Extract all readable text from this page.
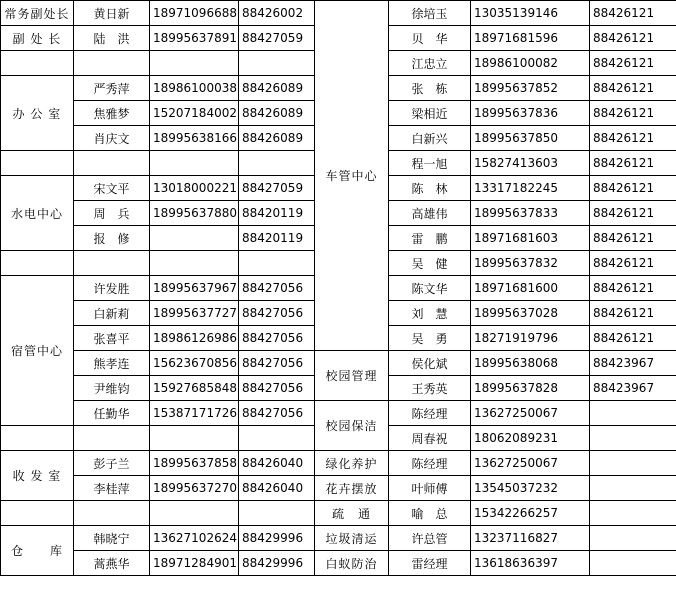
常务副处长	黄日新	18971096688	88426002	车管中心	徐培玉	13035139146	88426121
副 处 长	陆　洪	18995637891	88427059		贝　华	18971681596	88426121
					江忠立	18986100082	88426121
办 公 室	严秀萍	18986100038	88426089		张　栋	18995637852	88426121
	焦雅梦	15207184002	88426089		梁相近	18995637836	88426121
	肖庆文	18995638166	88426089		白新兴	18995637850	88426121
					程一旭	15827413603	88426121
水电中心	宋文平	13018000221	88427059		陈　林	13317182245	88426121
	周　兵	18995637880	88420119		高雄伟	18995637833	88426121
	报　修		88420119		雷　鹏	18971681603	88426121
					吴　健	18995637832	88426121
宿管中心	许发胜	18995637967	88427056		陈文华	18971681600	88426121
	白新莉	18995637727	88427056		刘　慧	18995637028	88426121
	张喜平	18986126986	88427056		吴　勇	18271919796	88426121
	熊孝连	15623670856	88427056	校园管理	侯化斌	18995638068	88423967
	尹维钧	15927685848	88427056		王秀英	18995637828	88423967
	任勤华	15387171726	88427056	校园保洁	陈经理	13627250067	
					周春祝	18062089231	
收 发 室	彭子兰	18995637858	88426040	绿化养护	陈经理	13627250067	
	李桂萍	18995637270	88426040	花卉摆放	叶师傅	13545037232	
				疏　通	喻　总	15342266257	
仓　　库	韩晓宁	13627102624	88429996	垃圾清运	许总管	13237116827	
	蒿燕华	18971284901	88429996	白蚁防治	雷经理	13618636397	
